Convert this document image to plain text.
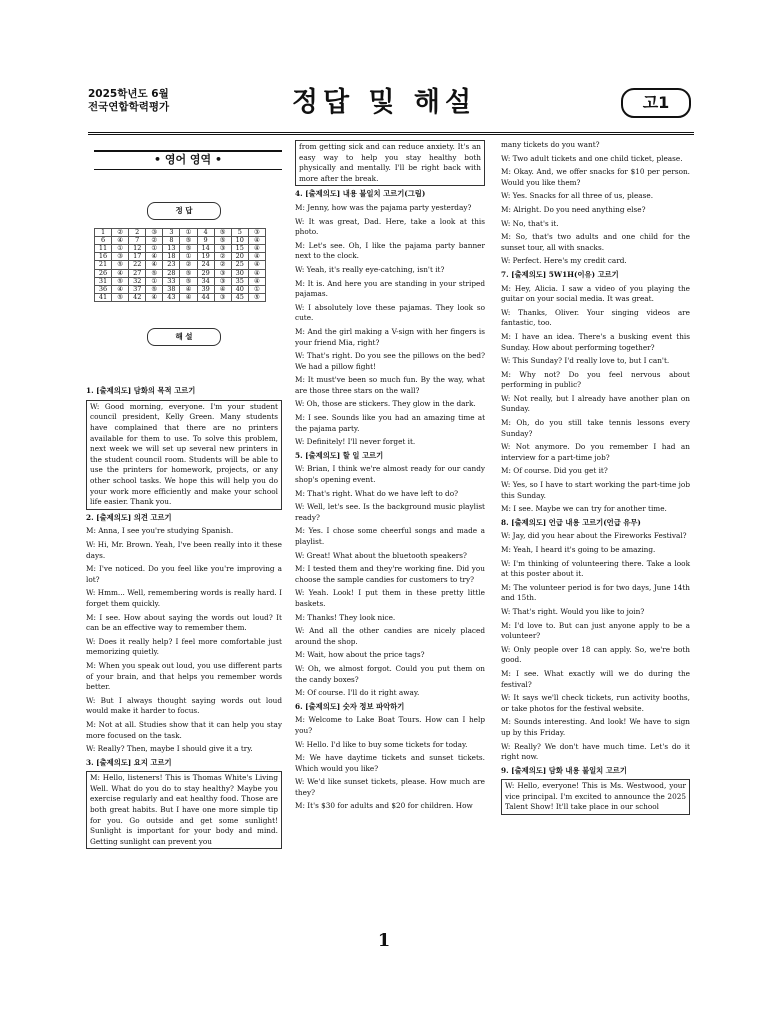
2025학년도 6월
전국연합학력평가	정답 및 해설	고1
• 영어 영역 •
정 답
1	②	2	③	3	①	4	⑤	5	③
6	④	7	②	8	⑤	9	⑤	10	④
11	①	12	①	13	⑤	14	③	15	④
16	③	17	④	18	①	19	②	20	④
21	⑤	22	④	23	②	24	②	25	④
26	④	27	⑤	28	⑤	29	③	30	④
31	⑤	32	①	33	⑤	34	③	35	④
36	④	37	⑤	38	④	39	④	40	①
41	⑤	42	④	43	④	44	③	45	⑤
해 설

1. [출제의도] 담화의 목적 고르기

W: Good morning, everyone. I'm your student council president, Kelly Green. Many students have complained that there are no printers available for them to use. To solve this problem, next week we will set up several new printers in the student council room. Students will be able to use the printers for homework, projects, or any other school tasks. We hope this will help you do your work more efficiently and make your school life easier. Thank you.

2. [출제의도] 의견 고르기

M: Anna, I see you're studying Spanish.

W: Hi, Mr. Brown. Yeah, I've been really into it these days.

M: I've noticed. Do you feel like you're improving a lot?

W: Hmm... Well, remembering words is really hard. I forget them quickly.

M: I see. How about saying the words out loud? It can be an effective way to remember them.

W: Does it really help? I feel more comfortable just memorizing quietly.

M: When you speak out loud, you use different parts of your brain, and that helps you remember words better.

W: But I always thought saying words out loud would make it harder to focus.

M: Not at all. Studies show that it can help you stay more focused on the task.

W: Really? Then, maybe I should give it a try.

3. [출제의도] 요지 고르기

M: Hello, listeners! This is Thomas White's Living Well. What do you do to stay healthy? Maybe you exercise regularly and eat healthy food. Those are both great habits. But I have one more simple tip for you. Go outside and get some sunlight! Sunlight is important for your body and mind. Getting sunlight can prevent you

from getting sick and can reduce anxiety. It's an easy way to help you stay healthy both physically and mentally. I'll be right back with more after the break.

4. [출제의도] 내용 불일치 고르기(그림)

M: Jenny, how was the pajama party yesterday?

W: It was great, Dad. Here, take a look at this photo.

M: Let's see. Oh, I like the pajama party banner next to the clock.

W: Yeah, it's really eye-catching, isn't it?

M: It is. And here you are standing in your striped pajamas.

W: I absolutely love these pajamas. They look so cute.

M: And the girl making a V-sign with her fingers is your friend Mia, right?

W: That's right. Do you see the pillows on the bed? We had a pillow fight!

M: It must've been so much fun. By the way, what are those three stars on the wall?

W: Oh, those are stickers. They glow in the dark.

M: I see. Sounds like you had an amazing time at the pajama party.

W: Definitely! I'll never forget it.

5. [출제의도] 할 일 고르기

W: Brian, I think we're almost ready for our candy shop's opening event.

M: That's right. What do we have left to do?

W: Well, let's see. Is the background music playlist ready?

M: Yes. I chose some cheerful songs and made a playlist.

W: Great! What about the bluetooth speakers?

M: I tested them and they're working fine. Did you choose the sample candies for customers to try?

W: Yeah. Look! I put them in these pretty little baskets.

M: Thanks! They look nice.

W: And all the other candies are nicely placed around the shop.

M: Wait, how about the price tags?

W: Oh, we almost forgot. Could you put them on the candy boxes?

M: Of course. I'll do it right away.

6. [출제의도] 숫자 정보 파악하기

M: Welcome to Lake Boat Tours. How can I help you?

W: Hello. I'd like to buy some tickets for today.

M: We have daytime tickets and sunset tickets. Which would you like?

W: We'd like sunset tickets, please. How much are they?

M: It's $30 for adults and $20 for children. How

many tickets do you want?

W: Two adult tickets and one child ticket, please.

M: Okay. And, we offer snacks for $10 per person. Would you like them?

W: Yes. Snacks for all three of us, please.

M: Alright. Do you need anything else?

W: No, that's it.

M: So, that's two adults and one child for the sunset tour, all with snacks.

W: Perfect. Here's my credit card.

7. [출제의도] 5W1H(이유) 고르기

M: Hey, Alicia. I saw a video of you playing the guitar on your social media. It was great.

W: Thanks, Oliver. Your singing videos are fantastic, too.

M: I have an idea. There's a busking event this Sunday. How about performing together?

W: This Sunday? I'd really love to, but I can't.

M: Why not? Do you feel nervous about performing in public?

W: Not really, but I already have another plan on Sunday.

M: Oh, do you still take tennis lessons every Sunday?

W: Not anymore. Do you remember I had an interview for a part-time job?

M: Of course. Did you get it?

W: Yes, so I have to start working the part-time job this Sunday.

M: I see. Maybe we can try for another time.

8. [출제의도] 언급 내용 고르기(언급 유무)

W: Jay, did you hear about the Fireworks Festival?

M: Yeah, I heard it's going to be amazing.

W: I'm thinking of volunteering there. Take a look at this poster about it.

M: The volunteer period is for two days, June 14th and 15th.

W: That's right. Would you like to join?

M: I'd love to. But can just anyone apply to be a volunteer?

W: Only people over 18 can apply. So, we're both good.

M: I see. What exactly will we do during the festival?

W: It says we'll check tickets, run activity booths, or take photos for the festival website.

M: Sounds interesting. And look! We have to sign up by this Friday.

W: Really? We don't have much time. Let's do it right now.

9. [출제의도] 담화 내용 불일치 고르기

W: Hello, everyone! This is Ms. Westwood, your vice principal. I'm excited to announce the 2025 Talent Show! It'll take place in our school

1
